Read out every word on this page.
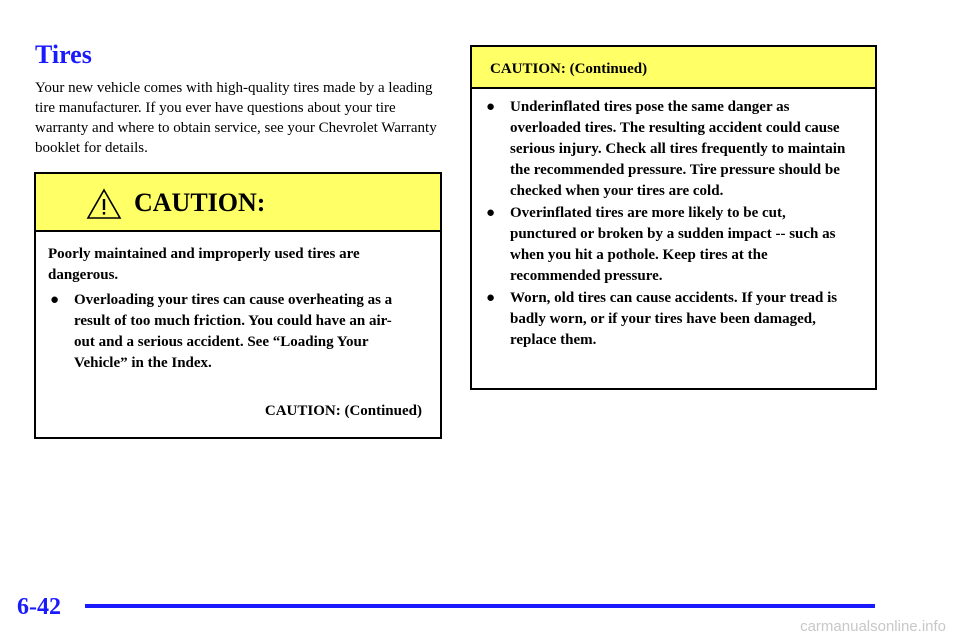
Tires

Your new vehicle comes with high-quality tires made by a leading tire manufacturer. If you ever have questions about your tire warranty and where to obtain service, see your Chevrolet Warranty booklet for details.

CAUTION:

Poorly maintained and improperly used tires are dangerous.

● Overloading your tires can cause overheating as a result of too much friction. You could have an air-out and a serious accident. See “Loading Your Vehicle” in the Index.
CAUTION: (Continued)
CAUTION: (Continued)
● Underinflated tires pose the same danger as overloaded tires. The resulting accident could cause serious injury. Check all tires frequently to maintain the recommended pressure. Tire pressure should be checked when your tires are cold.
● Overinflated tires are more likely to be cut, punctured or broken by a sudden impact -- such as when you hit a pothole. Keep tires at the recommended pressure.
● Worn, old tires can cause accidents. If your tread is badly worn, or if your tires have been damaged, replace them.
6-42
carmanualsonline.info
